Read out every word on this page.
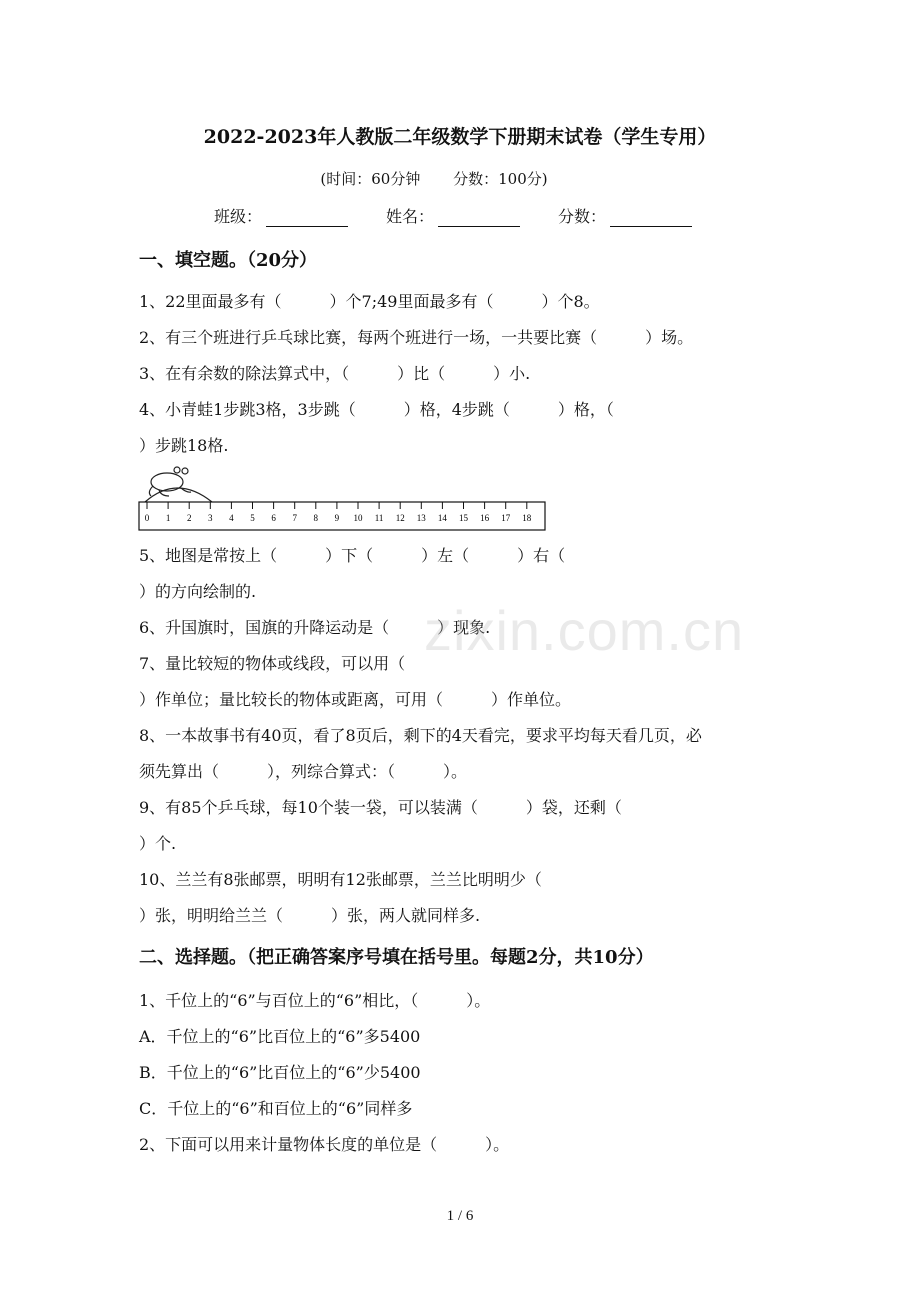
2022-2023年人教版二年级数学下册期末试卷（学生专用）
(时间：60分钟 分数：100分)
班级：	姓名：	分数：
一、填空题。（20分）
1、22里面最多有（　　　）个7;49里面最多有（　　　）个8。
2、有三个班进行乒乓球比赛，每两个班进行一场，一共要比赛（　　　）场。
3、在有余数的除法算式中，（　　　）比（　　　）小.
4、小青蛙1步跳3格，3步跳（　　　）格，4步跳（　　　）格，（
）步跳18格.
0 1 2 3 4 5 6 7 8 9 10 11 12 13 14 15 16 17 18
5、地图是常按上（　　　）下（　　　）左（　　　）右（
）的方向绘制的.
6、升国旗时，国旗的升降运动是（　　　）现象.
7、量比较短的物体或线段，可以用（
）作单位；量比较长的物体或距离，可用（　　　）作单位。
8、一本故事书有40页，看了8页后，剩下的4天看完，要求平均每天看几页，必
须先算出（　　　），列综合算式：（　　　）。
9、有85个乒乓球，每10个装一袋，可以装满（　　　）袋，还剩（
）个.
10、兰兰有8张邮票，明明有12张邮票，兰兰比明明少（
）张，明明给兰兰（　　　）张，两人就同样多.
二、选择题。（把正确答案序号填在括号里。每题2分，共10分）
1、千位上的“6”与百位上的“6”相比，（　　　）。
A．千位上的“6”比百位上的“6”多5400
B．千位上的“6”比百位上的“6”少5400
C．千位上的“6”和百位上的“6”同样多
2、下面可以用来计量物体长度的单位是（　　　）。
zixin.com.cn
1 / 6
